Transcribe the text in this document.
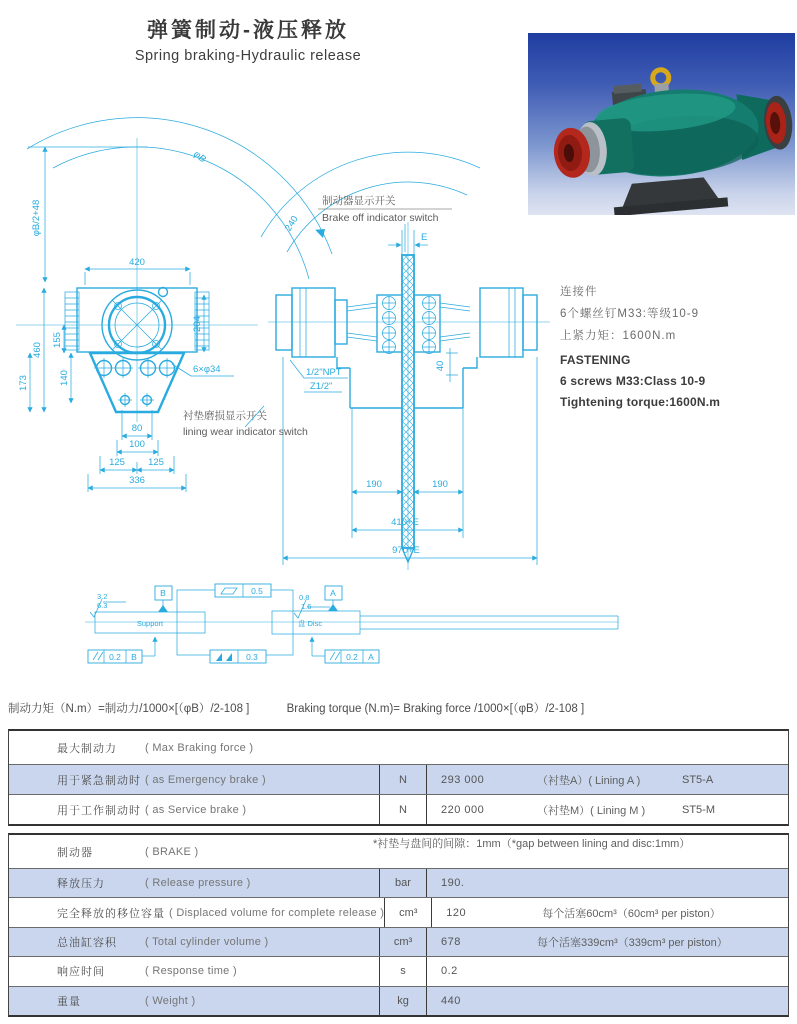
弹簧制动-液压释放
Spring braking-Hydraulic release
φB/2+48
φB
240
420
204
460
155
173	140
80
100
125 125
336
6×φ34
E
40
1/2"NPT
Z1/2"
190	190
410+E
970+E
制动器显示开关
Brake off indicator switch
衬垫磨损显示开关
lining wear indicator switch
Support	盘 Disc
0.5
0.3
B	A
3.2
6.3
0.8
1.6
0.2 B	0.2 A
连接件
6个螺丝钉M33:等级10-9
上紧力矩：1600N.m
FASTENING
6 screws M33:Class 10-9
Tightening torque:1600N.m
制动力矩（N.m）=制动力/1000×[（φB）/2-108 ]	Braking torque (N.m)= Braking force /1000×[（φB）/2-108 ]
最大制动力	( Max Braking force )
用于紧急制动时 ( as Emergency brake )	N	293 000	（衬垫A）( Lining A )	ST5-A
用于工作制动时 ( as Service brake )	N	220 000	（衬垫M）( Lining M )	ST5-M
制动器	( BRAKE )
*衬垫与盘间的间隙：1mm（*gap between lining and disc:1mm）
释放压力	( Release pressure )	bar	190.
完全释放的移位容量 ( Displaced volume for complete release )	cm³	120	每个活塞60cm³（60cm³ per piston）
总油缸容积	( Total cylinder volume )	cm³	678	每个活塞339cm³（339cm³ per piston）
响应时间	( Response time )	s	0.2
重量	( Weight )	kg	440
